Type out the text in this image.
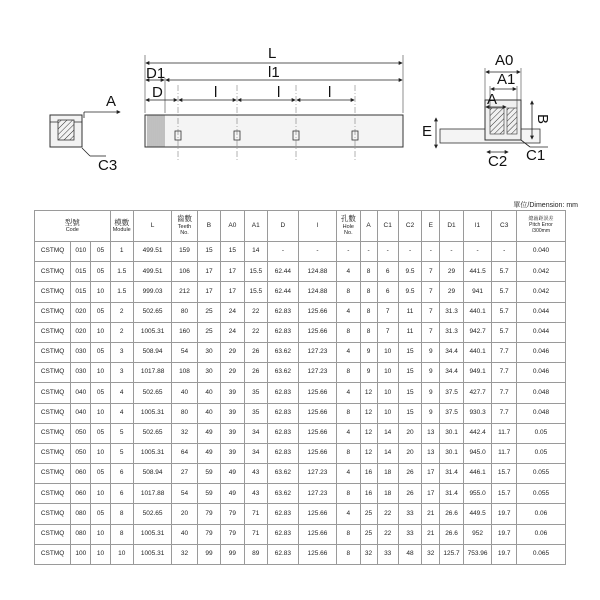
A
C3
L
D1	l1
D	l	l	l
A0
A1
A
E
B
C1
C2
單位/Dimension: mm
型號
Code			模數
Module	L	齒數
Teeth
No.	B	A0	A1	D	l	孔數
Hole
No.	A	C1	C2	E	D1	l1	C3	總齒距誤差
Pitch Error
/300mm

CSTMQ	010	05	1	499.51	159	15	15	14	-	-	-	-	-	-	-	-	-	-	0.040
CSTMQ	015	05	1.5	499.51	106	17	17	15.5	62.44	124.88	4	8	6	9.5	7	29	441.5	5.7	0.042
CSTMQ	015	10	1.5	999.03	212	17	17	15.5	62.44	124.88	8	8	6	9.5	7	29	941	5.7	0.042
CSTMQ	020	05	2	502.65	80	25	24	22	62.83	125.66	4	8	7	11	7	31.3	440.1	5.7	0.044
CSTMQ	020	10	2	1005.31	160	25	24	22	62.83	125.66	8	8	7	11	7	31.3	942.7	5.7	0.044
CSTMQ	030	05	3	508.94	54	30	29	26	63.62	127.23	4	9	10	15	9	34.4	440.1	7.7	0.046
CSTMQ	030	10	3	1017.88	108	30	29	26	63.62	127.23	8	9	10	15	9	34.4	949.1	7.7	0.046
CSTMQ	040	05	4	502.65	40	40	39	35	62.83	125.66	4	12	10	15	9	37.5	427.7	7.7	0.048
CSTMQ	040	10	4	1005.31	80	40	39	35	62.83	125.66	8	12	10	15	9	37.5	930.3	7.7	0.048
CSTMQ	050	05	5	502.65	32	49	39	34	62.83	125.66	4	12	14	20	13	30.1	442.4	11.7	0.05
CSTMQ	050	10	5	1005.31	64	49	39	34	62.83	125.66	8	12	14	20	13	30.1	945.0	11.7	0.05
CSTMQ	060	05	6	508.94	27	59	49	43	63.62	127.23	4	16	18	26	17	31.4	446.1	15.7	0.055
CSTMQ	060	10	6	1017.88	54	59	49	43	63.62	127.23	8	16	18	26	17	31.4	955.0	15.7	0.055
CSTMQ	080	05	8	502.65	20	79	79	71	62.83	125.66	4	25	22	33	21	26.6	449.5	19.7	0.06
CSTMQ	080	10	8	1005.31	40	79	79	71	62.83	125.66	8	25	22	33	21	26.6	952	19.7	0.06
CSTMQ	100	10	10	1005.31	32	99	99	89	62.83	125.66	8	32	33	48	32	125.7	753.96	19.7	0.065
